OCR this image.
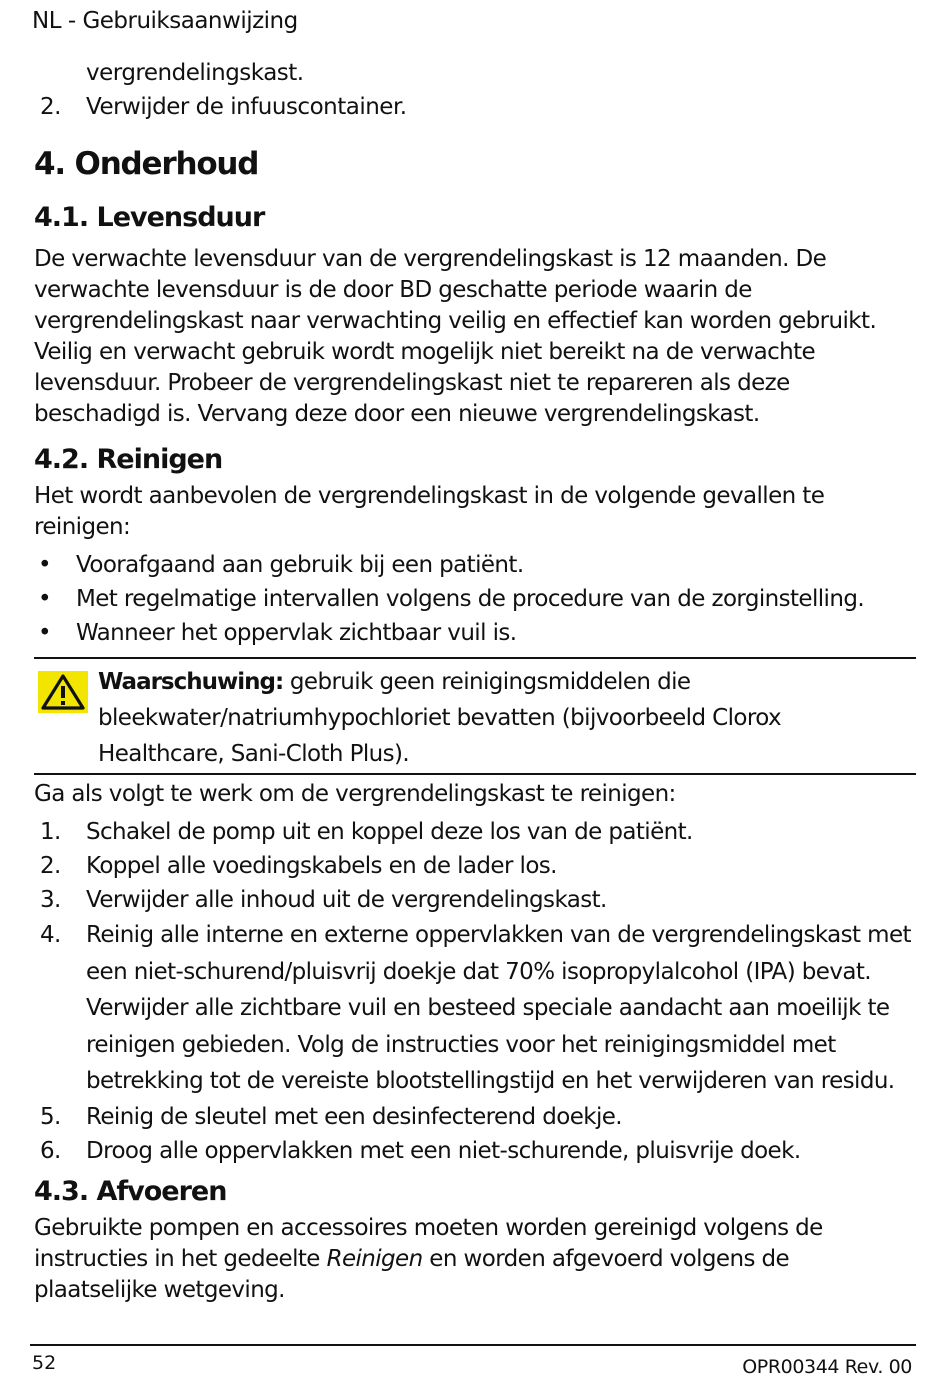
NL - Gebruiksaanwijzing
vergrendelingskast.
2. Verwijder de infuuscontainer.
4. Onderhoud
4.1. Levensduur
De verwachte levensduur van de vergrendelingskast is 12 maanden. De
verwachte levensduur is de door BD geschatte periode waarin de
vergrendelingskast naar verwachting veilig en effectief kan worden gebruikt.
Veilig en verwacht gebruik wordt mogelijk niet bereikt na de verwachte
levensduur. Probeer de vergrendelingskast niet te repareren als deze
beschadigd is. Vervang deze door een nieuwe vergrendelingskast.
4.2. Reinigen
Het wordt aanbevolen de vergrendelingskast in de volgende gevallen te
reinigen:
• Voorafgaand aan gebruik bij een patiënt.
• Met regelmatige intervallen volgens de procedure van de zorginstelling.
• Wanneer het oppervlak zichtbaar vuil is.
Waarschuwing: gebruik geen reinigingsmiddelen die
bleekwater/natriumhypochloriet bevatten (bijvoorbeeld Clorox
Healthcare, Sani-Cloth Plus).
Ga als volgt te werk om de vergrendelingskast te reinigen:
1. Schakel de pomp uit en koppel deze los van de patiënt.
2. Koppel alle voedingskabels en de lader los.
3. Verwijder alle inhoud uit de vergrendelingskast.
4. Reinig alle interne en externe oppervlakken van de vergrendelingskast met
een niet-schurend/pluisvrij doekje dat 70% isopropylalcohol (IPA) bevat.
Verwijder alle zichtbare vuil en besteed speciale aandacht aan moeilijk te
reinigen gebieden. Volg de instructies voor het reinigingsmiddel met
betrekking tot de vereiste blootstellingstijd en het verwijderen van residu.
5. Reinig de sleutel met een desinfecterend doekje.
6. Droog alle oppervlakken met een niet-schurende, pluisvrije doek.
4.3. Afvoeren
Gebruikte pompen en accessoires moeten worden gereinigd volgens de
instructies in het gedeelte Reinigen en worden afgevoerd volgens de
plaatselijke wetgeving.
52	OPR00344 Rev. 00
